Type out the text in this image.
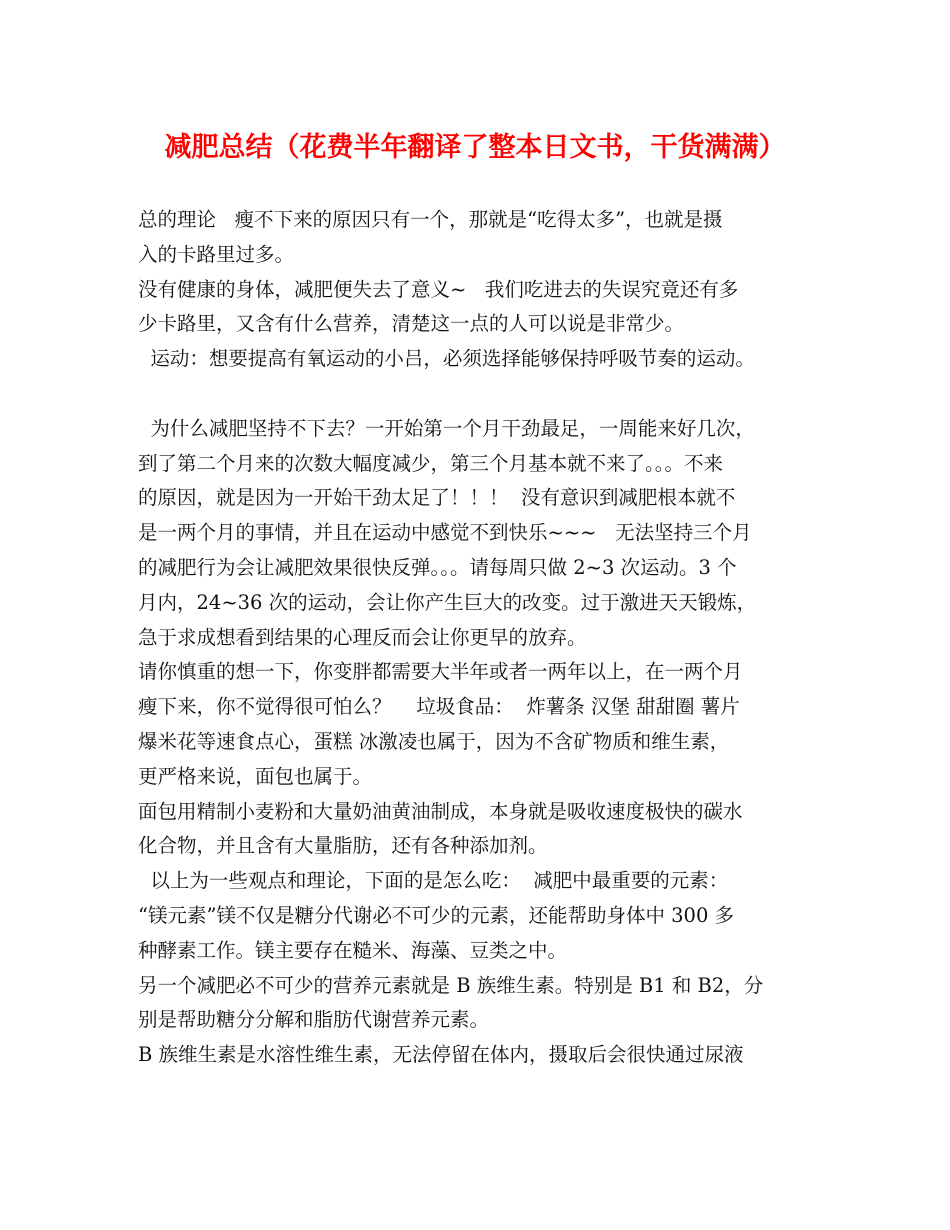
减肥总结（花费半年翻译了整本日文书，干货满满）
总的理论   瘦不下来的原因只有一个，那就是“吃得太多”，也就是摄
入的卡路里过多。
没有健康的身体，减肥便失去了意义~   我们吃进去的失误究竟还有多
少卡路里，又含有什么营养，清楚这一点的人可以说是非常少。
运动：想要提高有氧运动的小吕，必须选择能够保持呼吸节奏的运动。
为什么减肥坚持不下去？一开始第一个月干劲最足，一周能来好几次，
到了第二个月来的次数大幅度减少，第三个月基本就不来了。。。不来
的原因，就是因为一开始干劲太足了！！！  没有意识到减肥根本就不
是一两个月的事情，并且在运动中感觉不到快乐~~~   无法坚持三个月
的减肥行为会让减肥效果很快反弹。。。请每周只做 2~3 次运动。3 个
月内，24~36 次的运动，会让你产生巨大的改变。过于激进天天锻炼，
急于求成想看到结果的心理反而会让你更早的放弃。
请你慎重的想一下，你变胖都需要大半年或者一两年以上，在一两个月
瘦下来，你不觉得很可怕么？    垃圾食品：  炸薯条 汉堡 甜甜圈 薯片
爆米花等速食点心，蛋糕 冰激凌也属于，因为不含矿物质和维生素，
更严格来说，面包也属于。
面包用精制小麦粉和大量奶油黄油制成，本身就是吸收速度极快的碳水
化合物，并且含有大量脂肪，还有各种添加剂。
以上为一些观点和理论，下面的是怎么吃：  减肥中最重要的元素：
“镁元素”镁不仅是糖分代谢必不可少的元素，还能帮助身体中 300 多
种酵素工作。镁主要存在糙米、海藻、豆类之中。
另一个减肥必不可少的营养元素就是 B 族维生素。特别是 B1 和 B2，分
别是帮助糖分分解和脂肪代谢营养元素。
B 族维生素是水溶性维生素，无法停留在体内，摄取后会很快通过尿液
